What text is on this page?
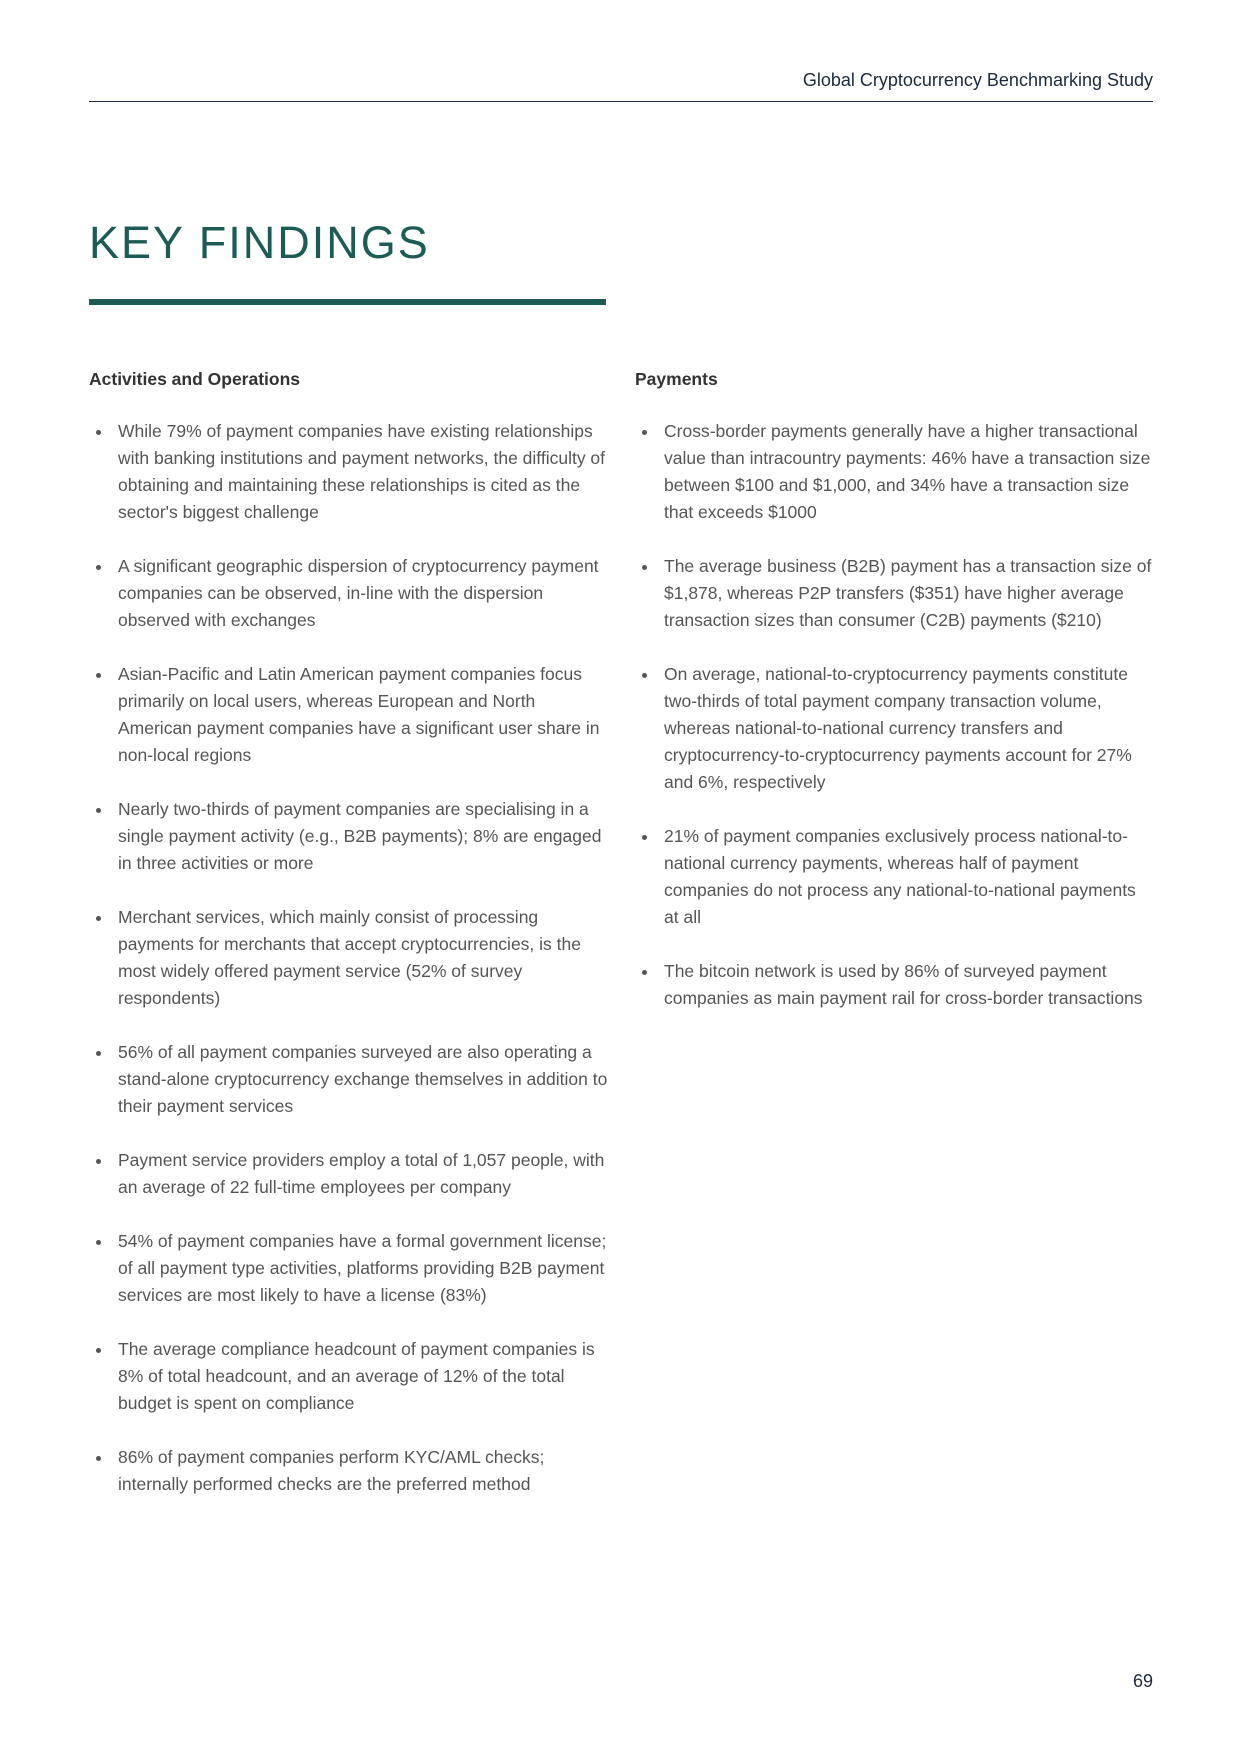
Global Cryptocurrency Benchmarking Study
KEY FINDINGS
Activities and Operations
While 79% of payment companies have existing relationships with banking institutions and payment networks, the difficulty of obtaining and maintaining these relationships is cited as the sector's biggest challenge
A significant geographic dispersion of cryptocurrency payment companies can be observed, in-line with the dispersion observed with exchanges
Asian-Pacific and Latin American payment companies focus primarily on local users, whereas European and North American payment companies have a significant user share in non-local regions
Nearly two-thirds of payment companies are specialising in a single payment activity (e.g., B2B payments); 8% are engaged in three activities or more
Merchant services, which mainly consist of processing payments for merchants that accept cryptocurrencies, is the most widely offered payment service (52% of survey respondents)
56% of all payment companies surveyed are also operating a stand-alone cryptocurrency exchange themselves in addition to their payment services
Payment service providers employ a total of 1,057 people, with an average of 22 full-time employees per company
54% of payment companies have a formal government license; of all payment type activities, platforms providing B2B payment services are most likely to have a license (83%)
The average compliance headcount of payment companies is 8% of total headcount, and an average of 12% of the total budget is spent on compliance
86% of payment companies perform KYC/AML checks; internally performed checks are the preferred method
Payments
Cross-border payments generally have a higher transactional value than intracountry payments: 46% have a transaction size between $100 and $1,000, and 34% have a transaction size that exceeds $1000
The average business (B2B) payment has a transaction size of $1,878, whereas P2P transfers ($351) have higher average transaction sizes than consumer (C2B) payments ($210)
On average, national-to-cryptocurrency payments constitute two-thirds of total payment company transaction volume, whereas national-to-national currency transfers and cryptocurrency-to-cryptocurrency payments account for 27% and 6%, respectively
21% of payment companies exclusively process national-to-national currency payments, whereas half of payment companies do not process any national-to-national payments at all
The bitcoin network is used by 86% of surveyed payment companies as main payment rail for cross-border transactions
69
